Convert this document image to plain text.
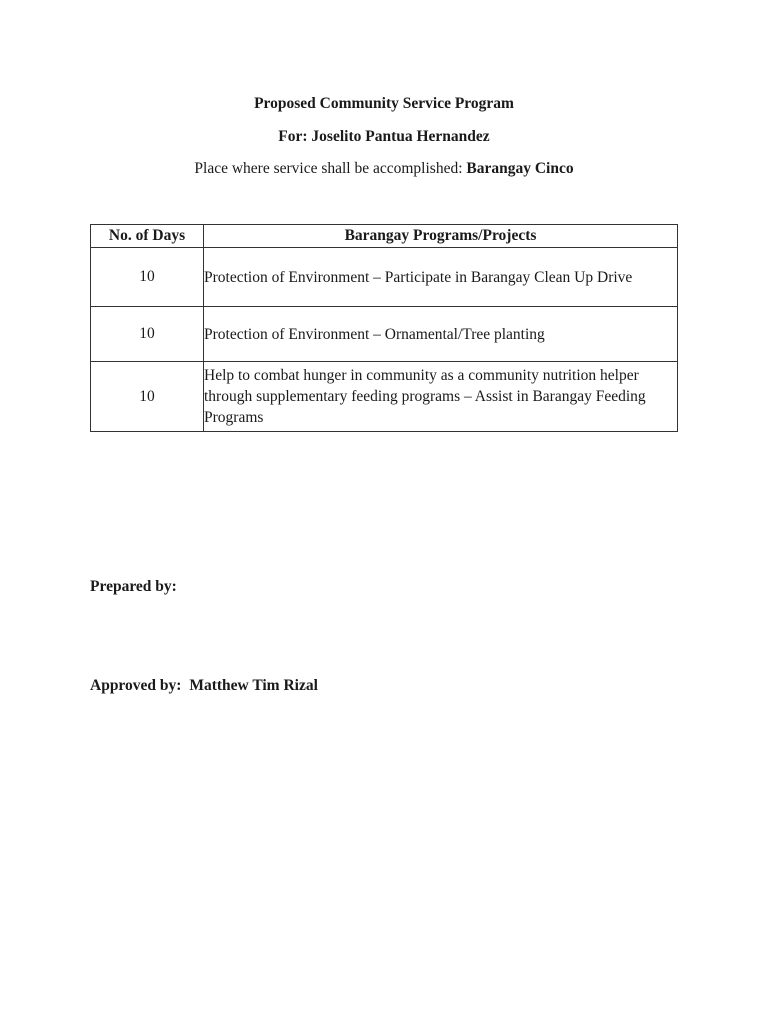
Proposed Community Service Program
For: Joselito Pantua Hernandez
Place where service shall be accomplished: Barangay Cinco
No. of Days	Barangay Programs/Projects
10	Protection of Environment – Participate in Barangay Clean Up Drive
10	Protection of Environment – Ornamental/Tree planting
10	Help to combat hunger in community as a community nutrition helper through supplementary feeding programs – Assist in Barangay Feeding Programs
Prepared by:
Approved by: Matthew Tim Rizal
